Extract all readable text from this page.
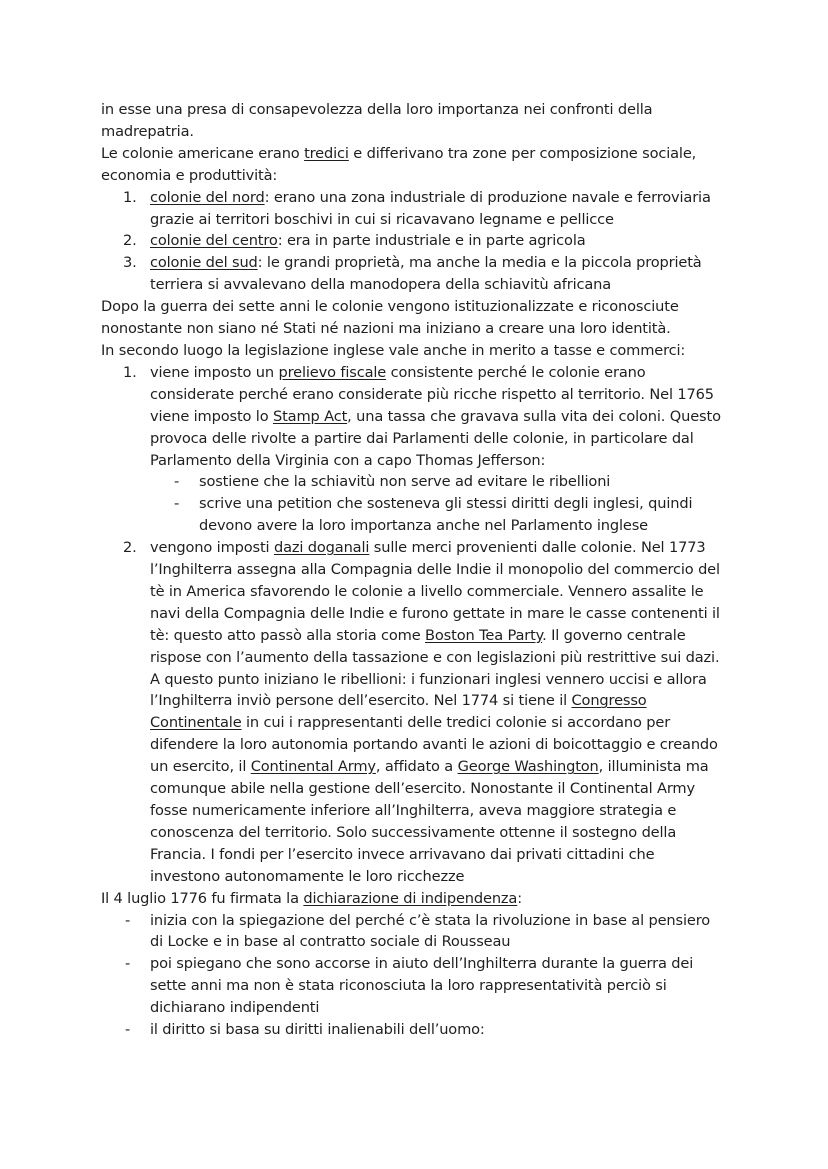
in esse una presa di consapevolezza della loro importanza nei confronti della madrepatria.

Le colonie americane erano tredici e differivano tra zone per composizione sociale, economia e produttività:

1. colonie del nord: erano una zona industriale di produzione navale e ferroviaria grazie ai territori boschivi in cui si ricavavano legname e pellicce
2. colonie del centro: era in parte industriale e in parte agricola
3. colonie del sud: le grandi proprietà, ma anche la media e la piccola proprietà terriera si avvalevano della manodopera della schiavitù africana

Dopo la guerra dei sette anni le colonie vengono istituzionalizzate e riconosciute nonostante non siano né Stati né nazioni ma iniziano a creare una loro identità.

In secondo luogo la legislazione inglese vale anche in merito a tasse e commerci:

1. viene imposto un prelievo fiscale consistente perché le colonie erano considerate perché erano considerate più ricche rispetto al territorio. Nel 1765 viene imposto lo Stamp Act, una tassa che gravava sulla vita dei coloni. Questo provoca delle rivolte a partire dai Parlamenti delle colonie, in particolare dal Parlamento della Virginia con a capo Thomas Jefferson:
- sostiene che la schiavitù non serve ad evitare le ribellioni
- scrive una petition che sosteneva gli stessi diritti degli inglesi, quindi devono avere la loro importanza anche nel Parlamento inglese
2. vengono imposti dazi doganali sulle merci provenienti dalle colonie. Nel 1773 l’Inghilterra assegna alla Compagnia delle Indie il monopolio del commercio del tè in America sfavorendo le colonie a livello commerciale. Vennero assalite le navi della Compagnia delle Indie e furono gettate in mare le casse contenenti il tè: questo atto passò alla storia come Boston Tea Party. Il governo centrale rispose con l’aumento della tassazione e con legislazioni più restrittive sui dazi. A questo punto iniziano le ribellioni: i funzionari inglesi vennero uccisi e allora l’Inghilterra inviò persone dell’esercito. Nel 1774 si tiene il Congresso Continentale in cui i rappresentanti delle tredici colonie si accordano per difendere la loro autonomia portando avanti le azioni di boicottaggio e creando un esercito, il Continental Army, affidato a George Washington, illuminista ma comunque abile nella gestione dell’esercito. Nonostante il Continental Army fosse numericamente inferiore all’Inghilterra, aveva maggiore strategia e conoscenza del territorio. Solo successivamente ottenne il sostegno della Francia. I fondi per l’esercito invece arrivavano dai privati cittadini che investono autonomamente le loro ricchezze

Il 4 luglio 1776 fu firmata la dichiarazione di indipendenza:

- inizia con la spiegazione del perché c’è stata la rivoluzione in base al pensiero di Locke e in base al contratto sociale di Rousseau
- poi spiegano che sono accorse in aiuto dell’Inghilterra durante la guerra dei sette anni ma non è stata riconosciuta la loro rappresentatività perciò si dichiarano indipendenti
- il diritto si basa su diritti inalienabili dell’uomo:
